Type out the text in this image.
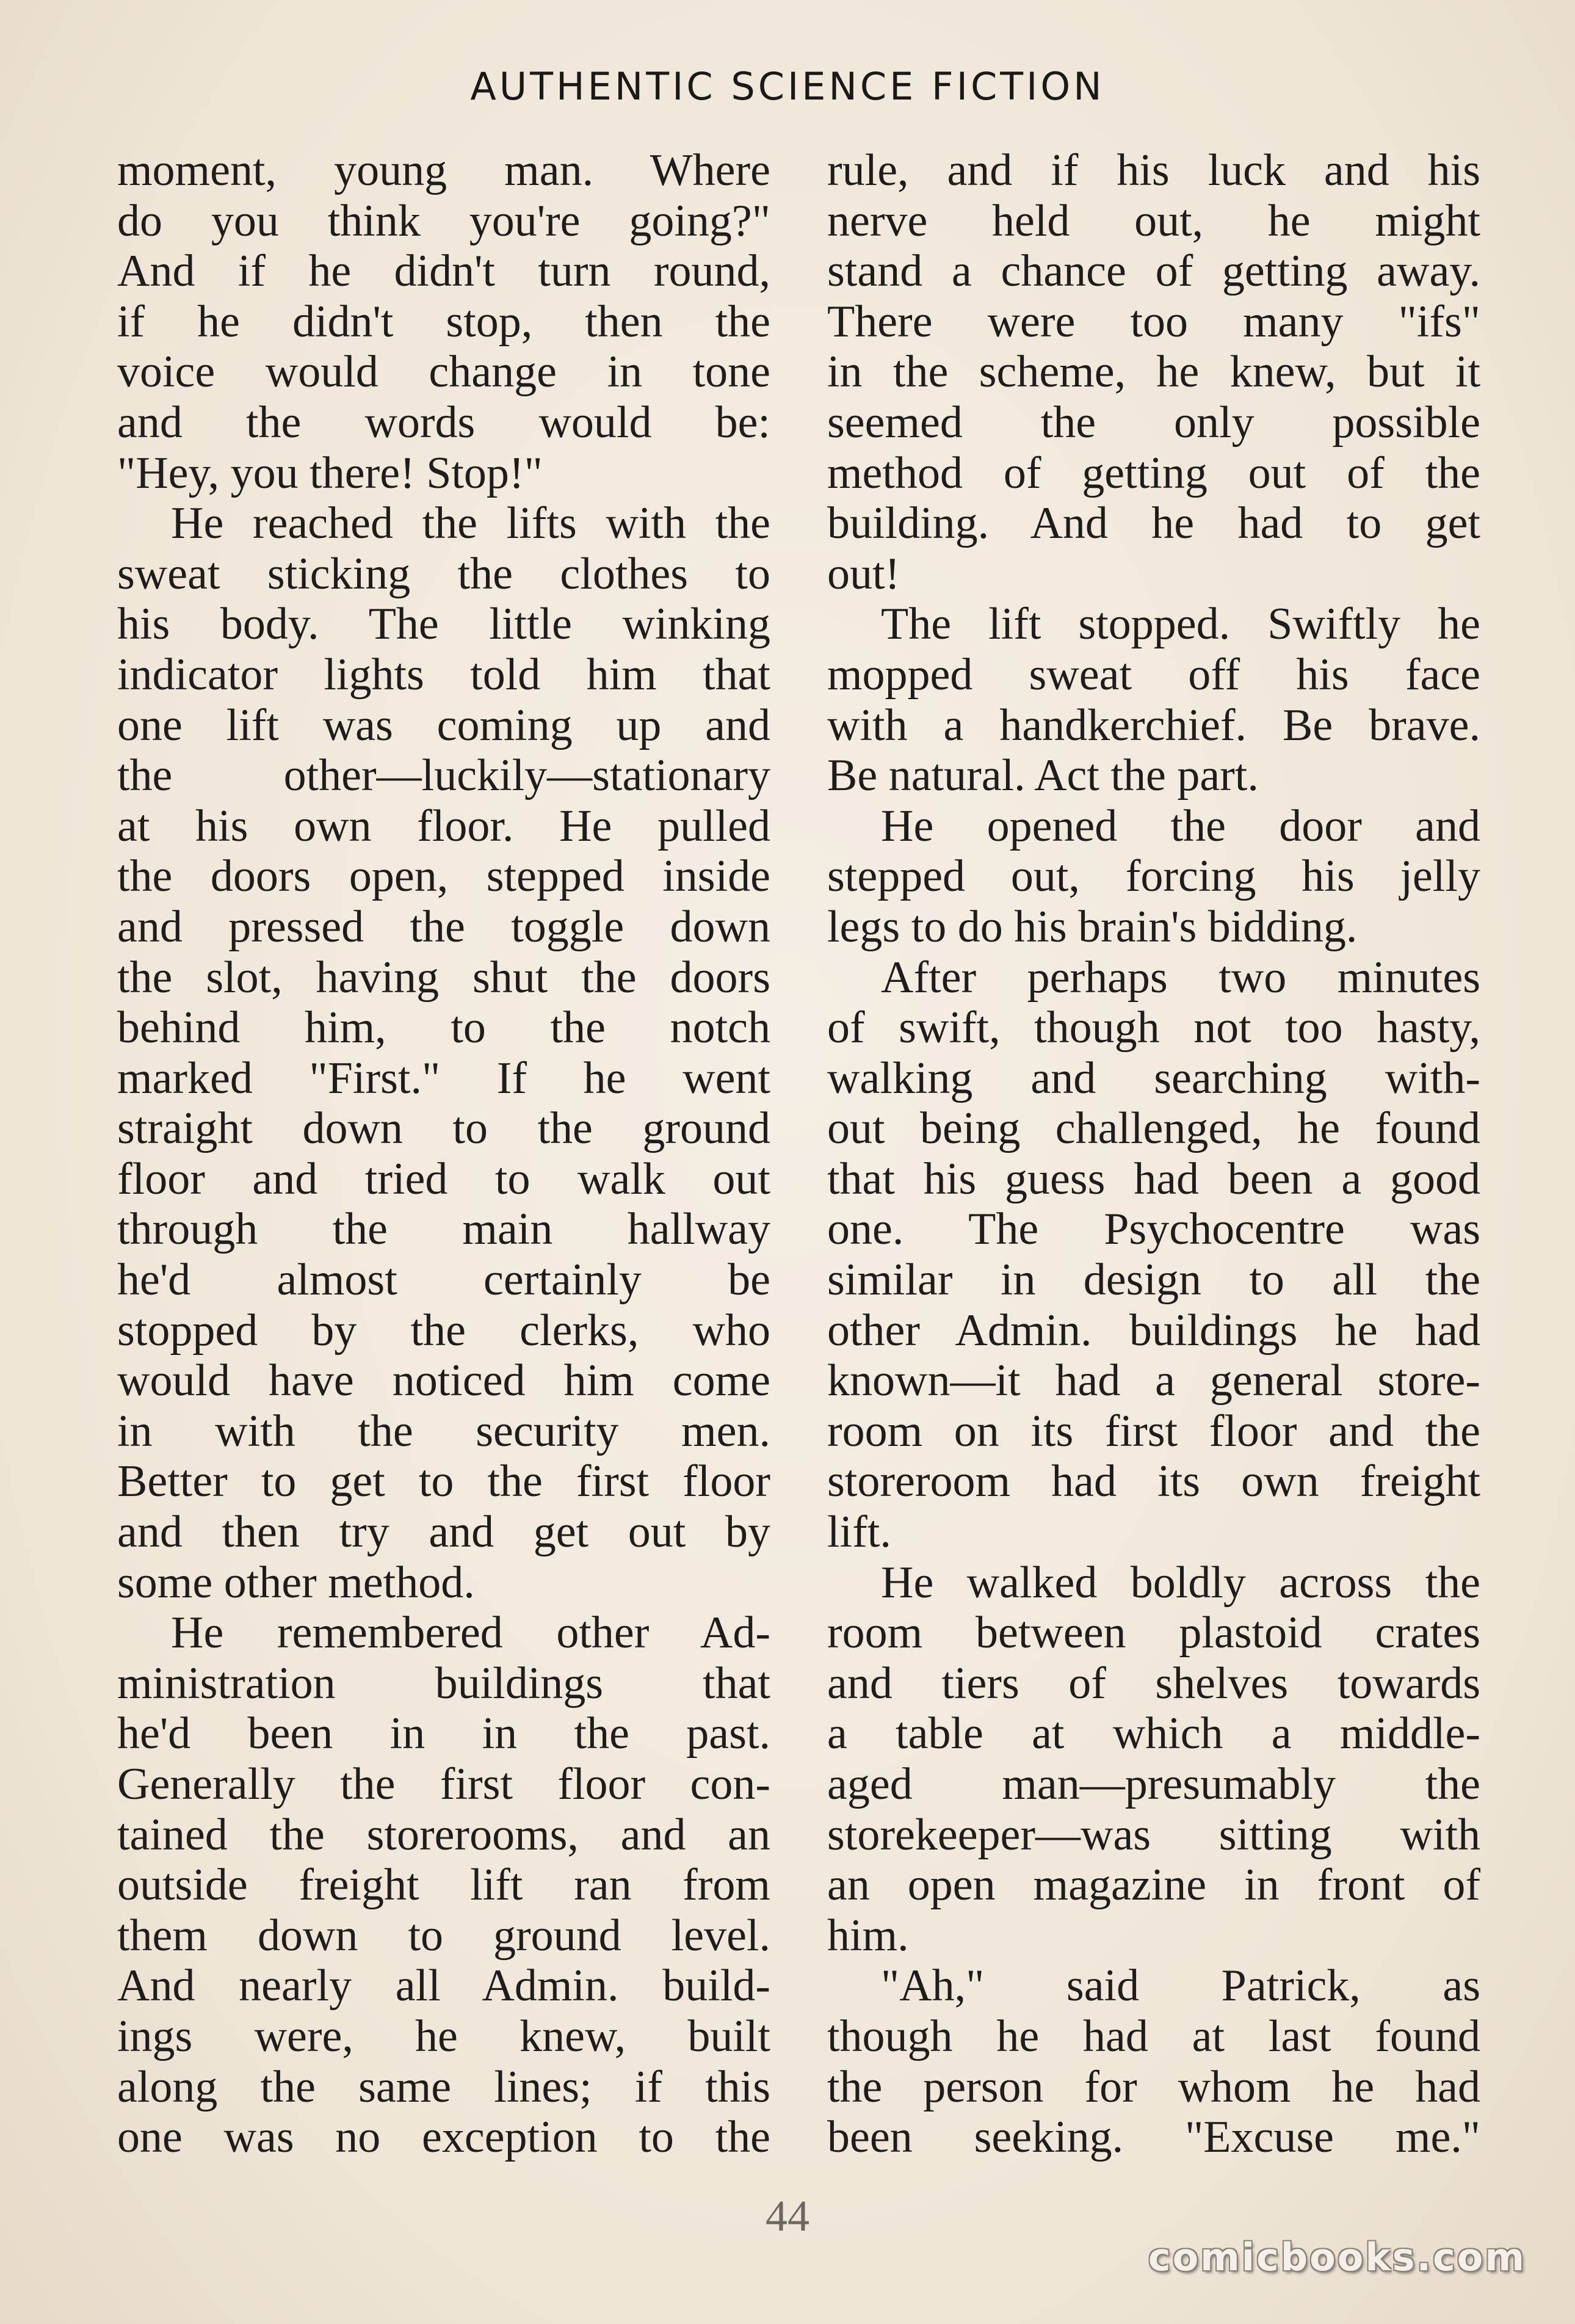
AUTHENTIC SCIENCE FICTION
moment, young man. Where
do you think you're going?"
And if he didn't turn round,
if he didn't stop, then the
voice would change in tone
and the words would be:
"Hey, you there! Stop!"
He reached the lifts with the
sweat sticking the clothes to
his body. The little winking
indicator lights told him that
one lift was coming up and
the other—luckily—stationary
at his own floor. He pulled
the doors open, stepped inside
and pressed the toggle down
the slot, having shut the doors
behind him, to the notch
marked "First." If he went
straight down to the ground
floor and tried to walk out
through the main hallway
he'd almost certainly be
stopped by the clerks, who
would have noticed him come
in with the security men.
Better to get to the first floor
and then try and get out by
some other method.
He remembered other Ad-
ministration buildings that
he'd been in in the past.
Generally the first floor con-
tained the storerooms, and an
outside freight lift ran from
them down to ground level.
And nearly all Admin. build-
ings were, he knew, built
along the same lines; if this
one was no exception to the
rule, and if his luck and his
nerve held out, he might
stand a chance of getting away.
There were too many "ifs"
in the scheme, he knew, but it
seemed the only possible
method of getting out of the
building. And he had to get
out!
The lift stopped. Swiftly he
mopped sweat off his face
with a handkerchief. Be brave.
Be natural. Act the part.
He opened the door and
stepped out, forcing his jelly
legs to do his brain's bidding.
After perhaps two minutes
of swift, though not too hasty,
walking and searching with-
out being challenged, he found
that his guess had been a good
one. The Psychocentre was
similar in design to all the
other Admin. buildings he had
known—it had a general store-
room on its first floor and the
storeroom had its own freight
lift.
He walked boldly across the
room between plastoid crates
and tiers of shelves towards
a table at which a middle-
aged man—presumably the
storekeeper—was sitting with
an open magazine in front of
him.
"Ah," said Patrick, as
though he had at last found
the person for whom he had
been seeking. "Excuse me."
44
comicbooks.com
